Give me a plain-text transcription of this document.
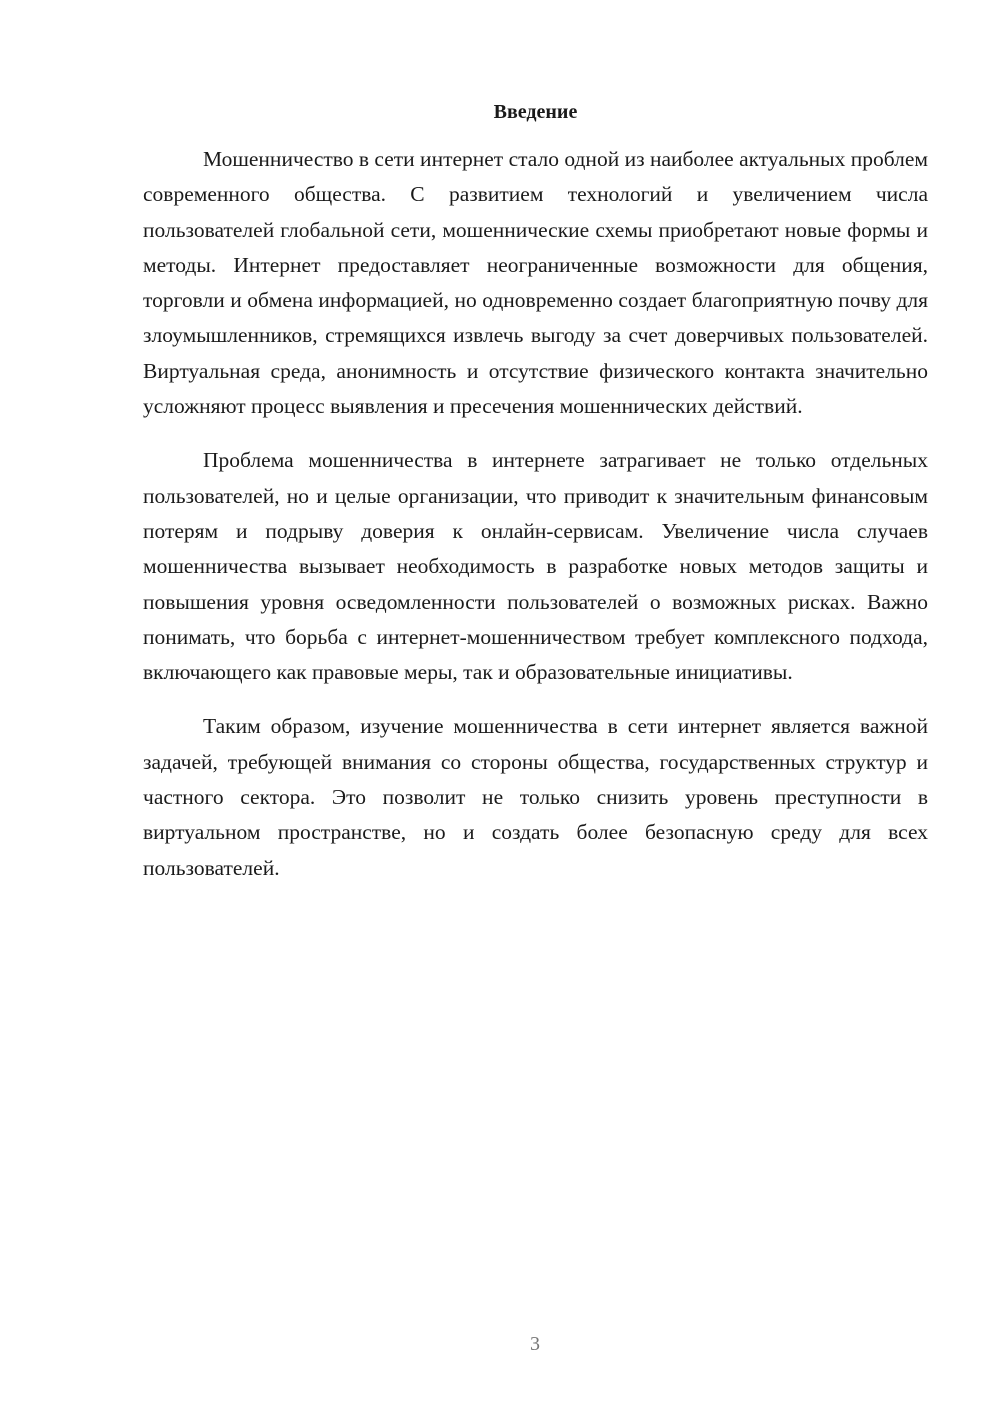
Введение

Мошенничество в сети интернет стало одной из наиболее актуальных проблем современного общества. С развитием технологий и увеличением числа пользователей глобальной сети, мошеннические схемы приобретают новые формы и методы. Интернет предоставляет неограниченные возможности для общения, торговли и обмена информацией, но одновременно создает благоприятную почву для злоумышленников, стремящихся извлечь выгоду за счет доверчивых пользователей. Виртуальная среда, анонимность и отсутствие физического контакта значительно усложняют процесс выявления и пресечения мошеннических действий.

Проблема мошенничества в интернете затрагивает не только отдельных пользователей, но и целые организации, что приводит к значительным финансовым потерям и подрыву доверия к онлайн-сервисам. Увеличение числа случаев мошенничества вызывает необходимость в разработке новых методов защиты и повышения уровня осведомленности пользователей о возможных рисках. Важно понимать, что борьба с интернет-мошенничеством требует комплексного подхода, включающего как правовые меры, так и образовательные инициативы.

Таким образом, изучение мошенничества в сети интернет является важной задачей, требующей внимания со стороны общества, государственных структур и частного сектора. Это позволит не только снизить уровень преступности в виртуальном пространстве, но и создать более безопасную среду для всех пользователей.

3
